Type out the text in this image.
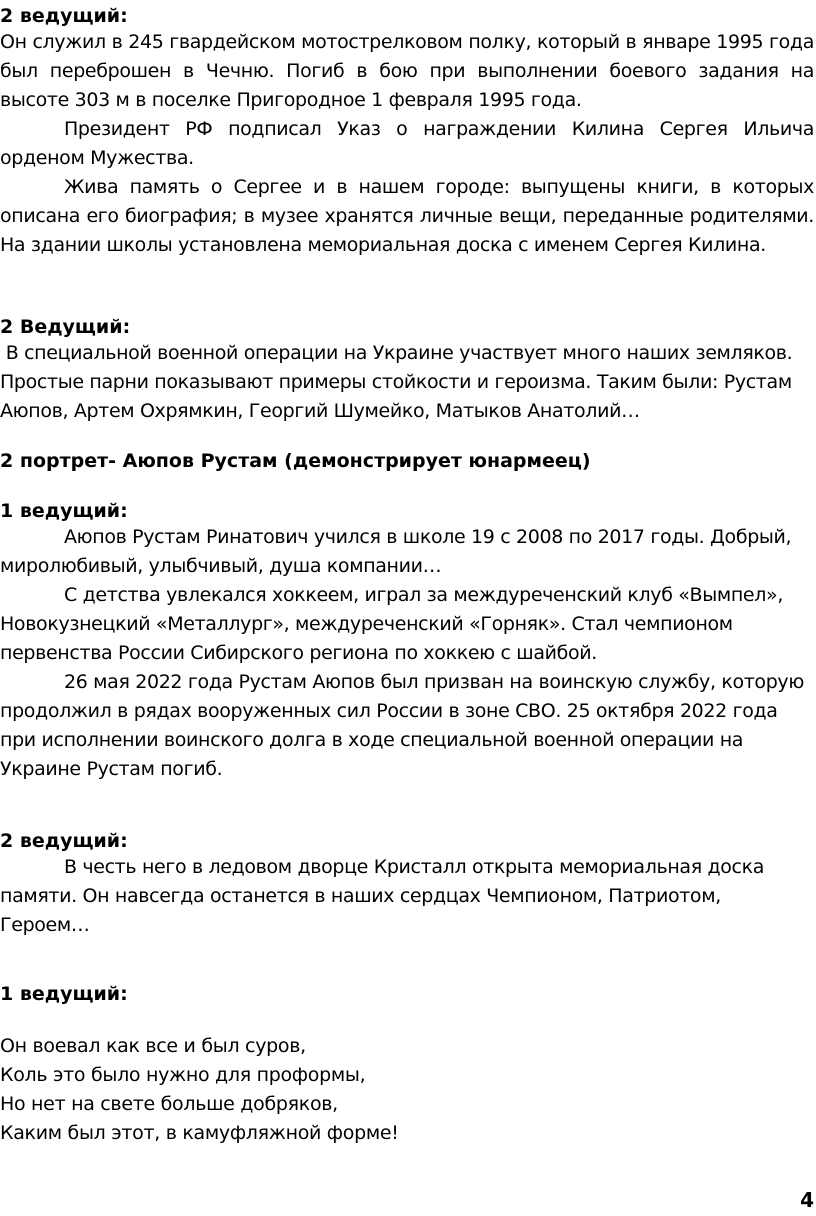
2 ведущий:

Он служил в 245 гвардейском мотострелковом полку, который в январе 1995 года был переброшен в Чечню. Погиб в бою при выполнении боевого задания на высоте 303 м в поселке Пригородное 1 февраля 1995 года.

Президент РФ подписал Указ о награждении Килина Сергея Ильича орденом Мужества.

Жива память о Сергее и в нашем городе: выпущены книги, в которых описана его биография; в музее хранятся личные вещи, переданные родителями. На здании школы установлена мемориальная доска с именем Сергея Килина.

2 Ведущий:

В специальной военной операции на Украине участвует много наших земляков. Простые парни показывают примеры стойкости и героизма. Таким были: Рустам Аюпов, Артем Охрямкин, Георгий Шумейко, Матыков Анатолий…

2 портрет- Аюпов Рустам (демонстрирует юнармеец)

1 ведущий:

Аюпов Рустам Ринатович учился в школе 19 с 2008 по 2017 годы. Добрый, миролюбивый, улыбчивый, душа компании…

С детства увлекался хоккеем, играл за междуреченский клуб «Вымпел», Новокузнецкий «Металлург», междуреченский «Горняк». Стал чемпионом первенства России Сибирского региона по хоккею с шайбой.

26 мая 2022 года Рустам Аюпов был призван на воинскую службу, которую продолжил в рядах вооруженных сил России в зоне СВО. 25 октября 2022 года при исполнении воинского долга в ходе специальной военной операции на Украине Рустам погиб.

2 ведущий:

В честь него в ледовом дворце Кристалл открыта мемориальная доска памяти. Он навсегда останется в наших сердцах Чемпионом, Патриотом, Героем…

1 ведущий:

Он воевал как все и был суров,
Коль это было нужно для проформы,
Но нет на свете больше добряков,
Каким был этот, в камуфляжной форме!

4
